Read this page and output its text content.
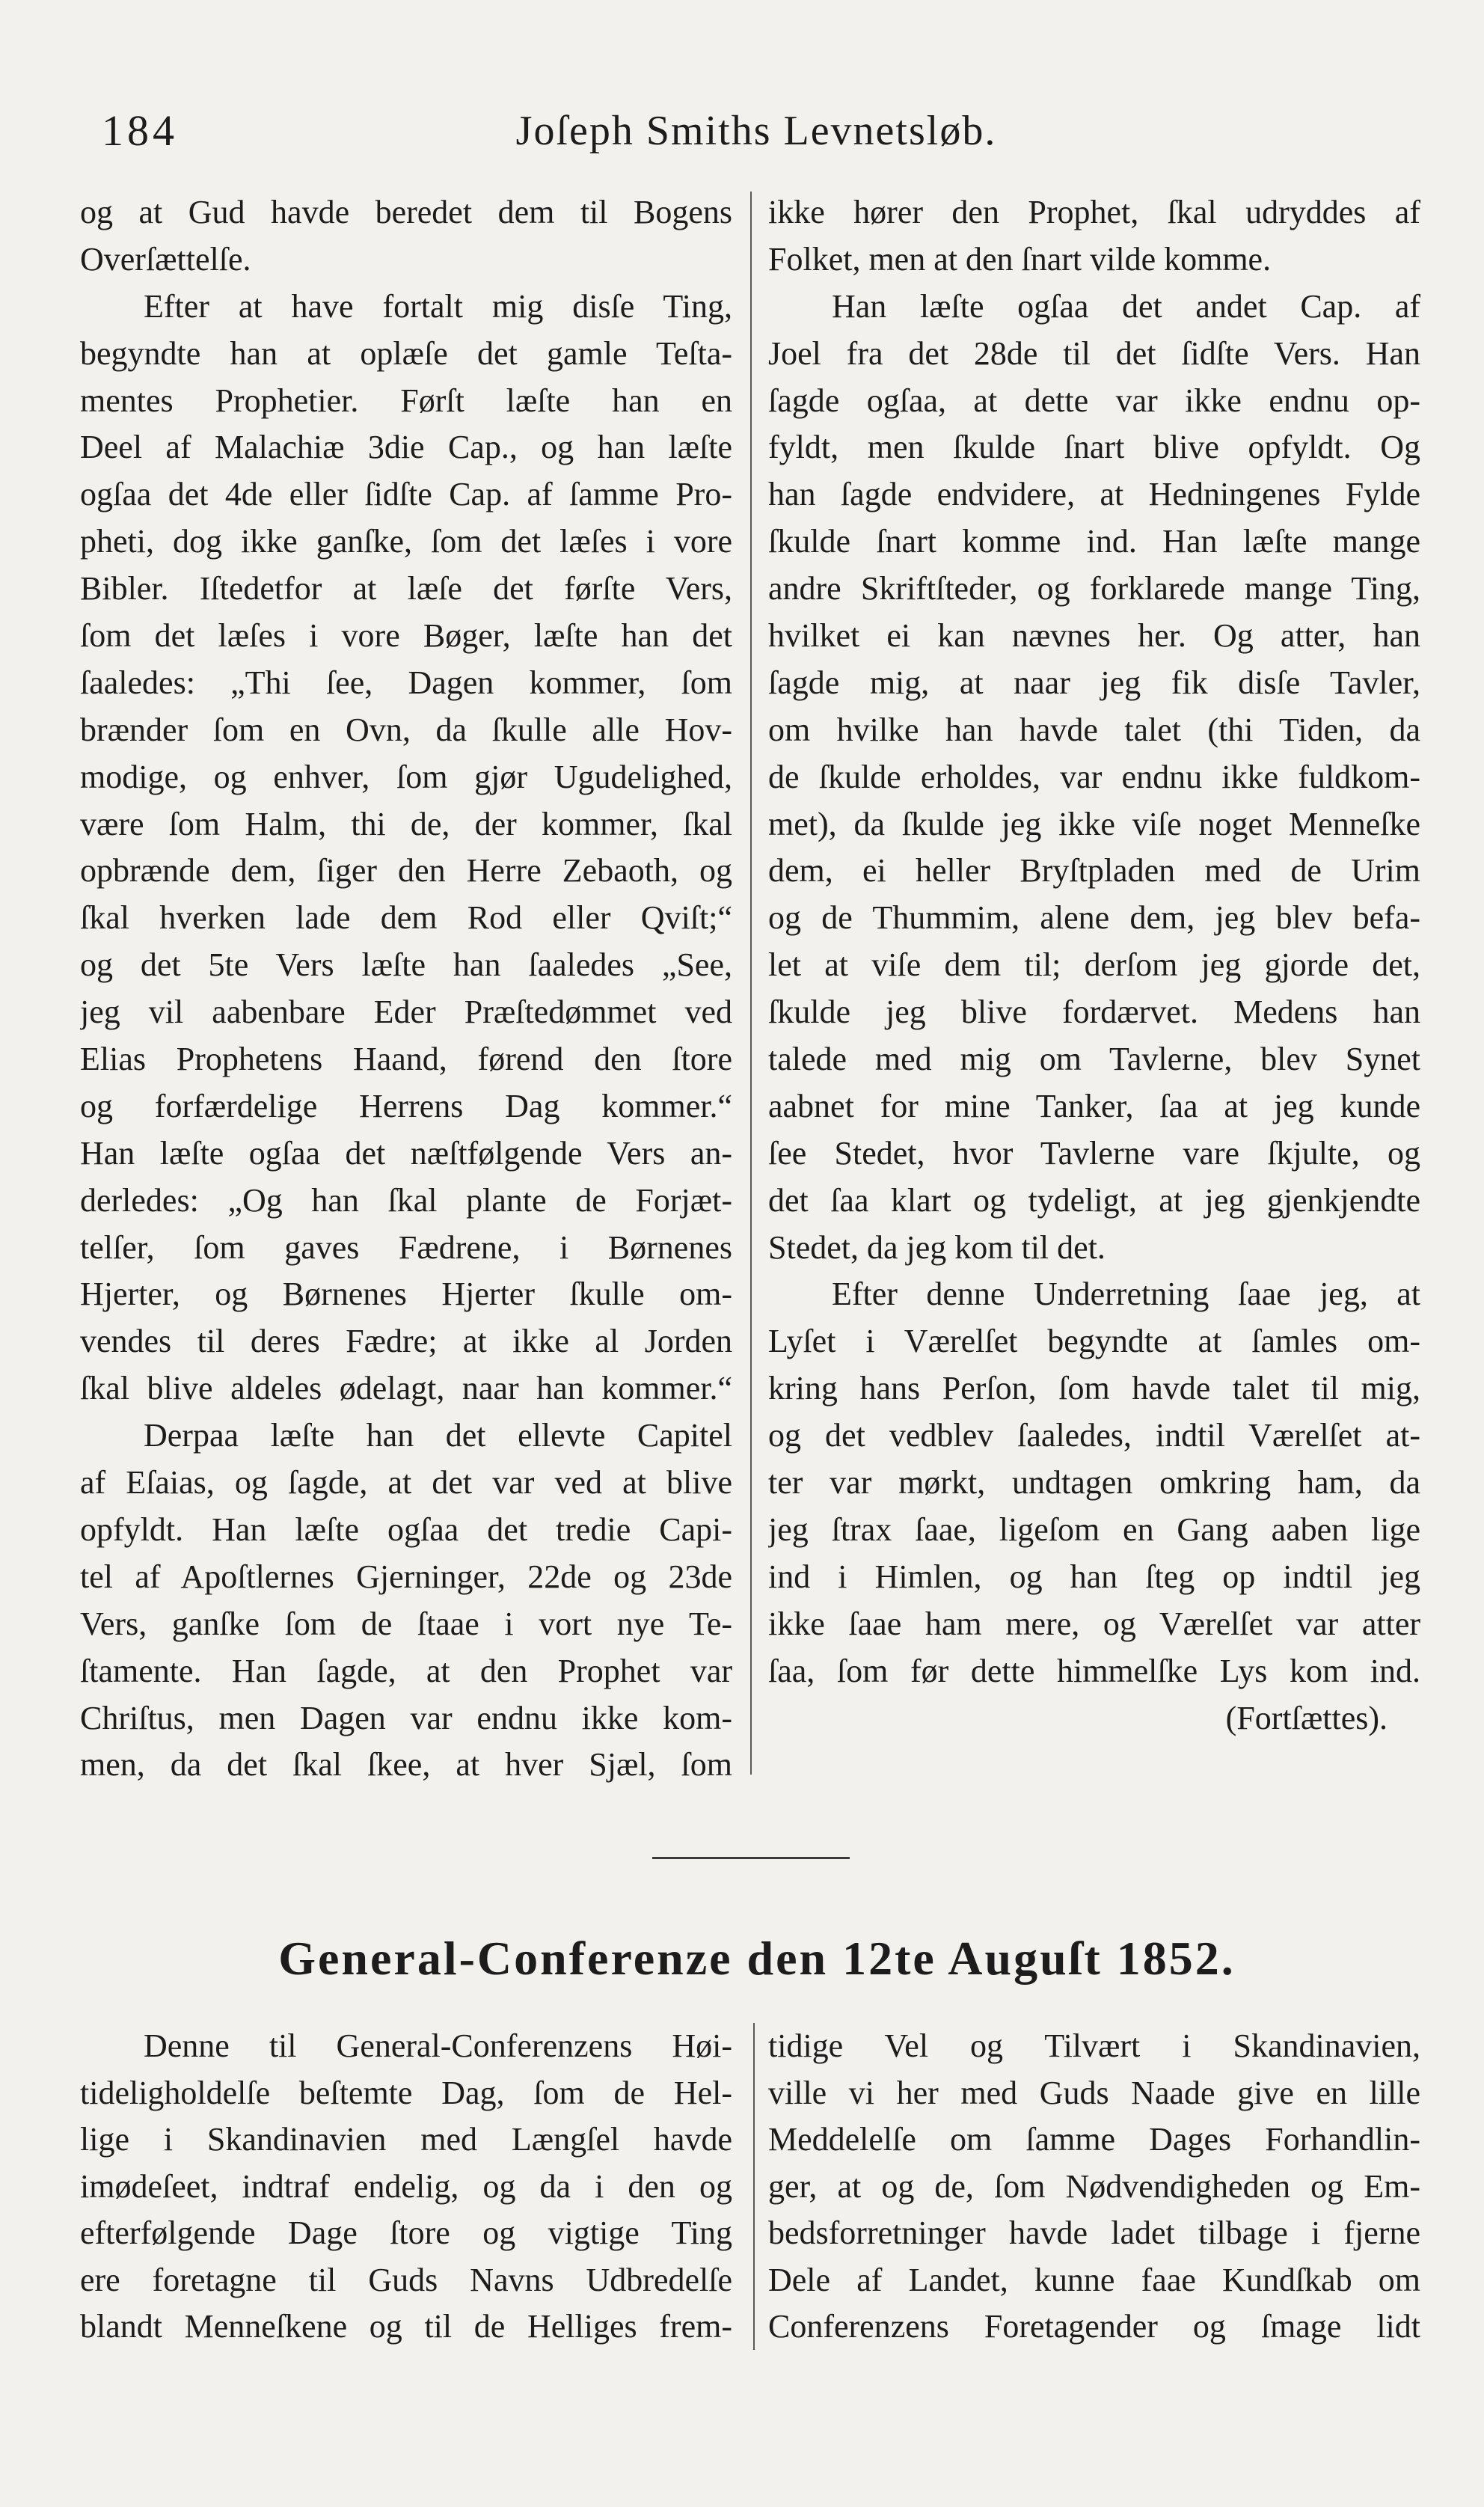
184	Joſeph Smiths Levnetsløb.
og at Gud havde beredet dem til Bogens
Overſættelſe.
Efter at have fortalt mig disſe Ting,
begyndte han at oplæſe det gamle Teſta-
mentes Prophetier. Førſt læſte han en
Deel af Malachiæ 3die Cap., og han læſte
ogſaa det 4de eller ſidſte Cap. af ſamme Pro-
pheti, dog ikke ganſke, ſom det læſes i vore
Bibler. Iſtedetfor at læſe det førſte Vers,
ſom det læſes i vore Bøger, læſte han det
ſaaledes: „Thi ſee, Dagen kommer, ſom
brænder ſom en Ovn, da ſkulle alle Hov-
modige, og enhver, ſom gjør Ugudelighed,
være ſom Halm, thi de, der kommer, ſkal
opbrænde dem, ſiger den Herre Zebaoth, og
ſkal hverken lade dem Rod eller Qviſt;“
og det 5te Vers læſte han ſaaledes „See,
jeg vil aabenbare Eder Præſtedømmet ved
Elias Prophetens Haand, førend den ſtore
og forfærdelige Herrens Dag kommer.“
Han læſte ogſaa det næſtfølgende Vers an-
derledes: „Og han ſkal plante de Forjæt-
telſer, ſom gaves Fædrene, i Børnenes
Hjerter, og Børnenes Hjerter ſkulle om-
vendes til deres Fædre; at ikke al Jorden
ſkal blive aldeles ødelagt, naar han kommer.“
Derpaa læſte han det ellevte Capitel
af Eſaias, og ſagde, at det var ved at blive
opfyldt. Han læſte ogſaa det tredie Capi-
tel af Apoſtlernes Gjerninger, 22de og 23de
Vers, ganſke ſom de ſtaae i vort nye Te-
ſtamente. Han ſagde, at den Prophet var
Chriſtus, men Dagen var endnu ikke kom-
men, da det ſkal ſkee, at hver Sjæl, ſom
ikke hører den Prophet, ſkal udryddes af
Folket, men at den ſnart vilde komme.
Han læſte ogſaa det andet Cap. af
Joel fra det 28de til det ſidſte Vers. Han
ſagde ogſaa, at dette var ikke endnu op-
fyldt, men ſkulde ſnart blive opfyldt. Og
han ſagde endvidere, at Hedningenes Fylde
ſkulde ſnart komme ind. Han læſte mange
andre Skriftſteder, og forklarede mange Ting,
hvilket ei kan nævnes her. Og atter, han
ſagde mig, at naar jeg fik disſe Tavler,
om hvilke han havde talet (thi Tiden, da
de ſkulde erholdes, var endnu ikke fuldkom-
met), da ſkulde jeg ikke viſe noget Menneſke
dem, ei heller Bryſtpladen med de Urim
og de Thummim, alene dem, jeg blev befa-
let at viſe dem til; derſom jeg gjorde det,
ſkulde jeg blive fordærvet. Medens han
talede med mig om Tavlerne, blev Synet
aabnet for mine Tanker, ſaa at jeg kunde
ſee Stedet, hvor Tavlerne vare ſkjulte, og
det ſaa klart og tydeligt, at jeg gjenkjendte
Stedet, da jeg kom til det.
Efter denne Underretning ſaae jeg, at
Lyſet i Værelſet begyndte at ſamles om-
kring hans Perſon, ſom havde talet til mig,
og det vedblev ſaaledes, indtil Værelſet at-
ter var mørkt, undtagen omkring ham, da
jeg ſtrax ſaae, ligeſom en Gang aaben lige
ind i Himlen, og han ſteg op indtil jeg
ikke ſaae ham mere, og Værelſet var atter
ſaa, ſom før dette himmelſke Lys kom ind.
(Fortſættes).
General-Conferenze den 12te Auguſt 1852.
Denne til General-Conferenzens Høi-
tideligholdelſe beſtemte Dag, ſom de Hel-
lige i Skandinavien med Længſel havde
imødeſeet, indtraf endelig, og da i den og
efterfølgende Dage ſtore og vigtige Ting
ere foretagne til Guds Navns Udbredelſe
blandt Menneſkene og til de Helliges frem-
tidige Vel og Tilvært i Skandinavien,
ville vi her med Guds Naade give en lille
Meddelelſe om ſamme Dages Forhandlin-
ger, at og de, ſom Nødvendigheden og Em-
bedsforretninger havde ladet tilbage i fjerne
Dele af Landet, kunne faae Kundſkab om
Conferenzens Foretagender og ſmage lidt
